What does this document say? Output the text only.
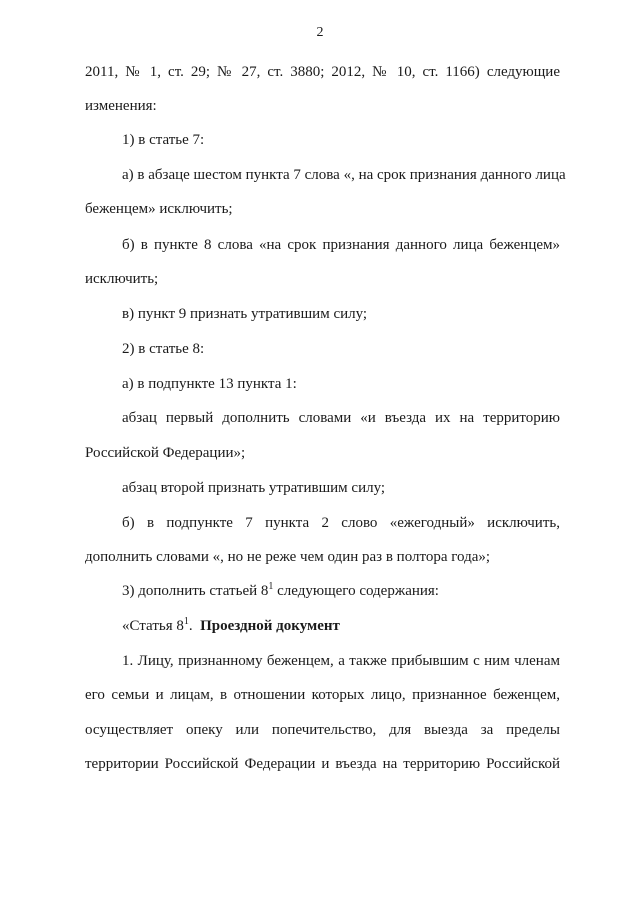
2
2011, № 1, ст. 29; № 27, ст. 3880; 2012, № 10, ст. 1166) следующие
изменения:
1) в статье 7:
а) в абзаце шестом пункта 7 слова «, на срок признания данного лица
беженцем» исключить;
б) в пункте 8 слова «на срок признания данного лица беженцем»
исключить;
в) пункт 9 признать утратившим силу;
2) в статье 8:
а) в подпункте 13 пункта 1:
абзац первый дополнить словами «и въезда их на территорию
Российской Федерации»;
абзац второй признать утратившим силу;
б) в подпункте 7 пункта 2 слово «ежегодный» исключить,
дополнить словами «, но не реже чем один раз в полтора года»;
3) дополнить статьей $8^1$ следующего содержания:
«Статья $8^1$. Проездной документ
1. Лицу, признанному беженцем, а также прибывшим с ним членам
его семьи и лицам, в отношении которых лицо, признанное беженцем,
осуществляет опеку или попечительство, для выезда за пределы
территории Российской Федерации и въезда на территорию Российской
